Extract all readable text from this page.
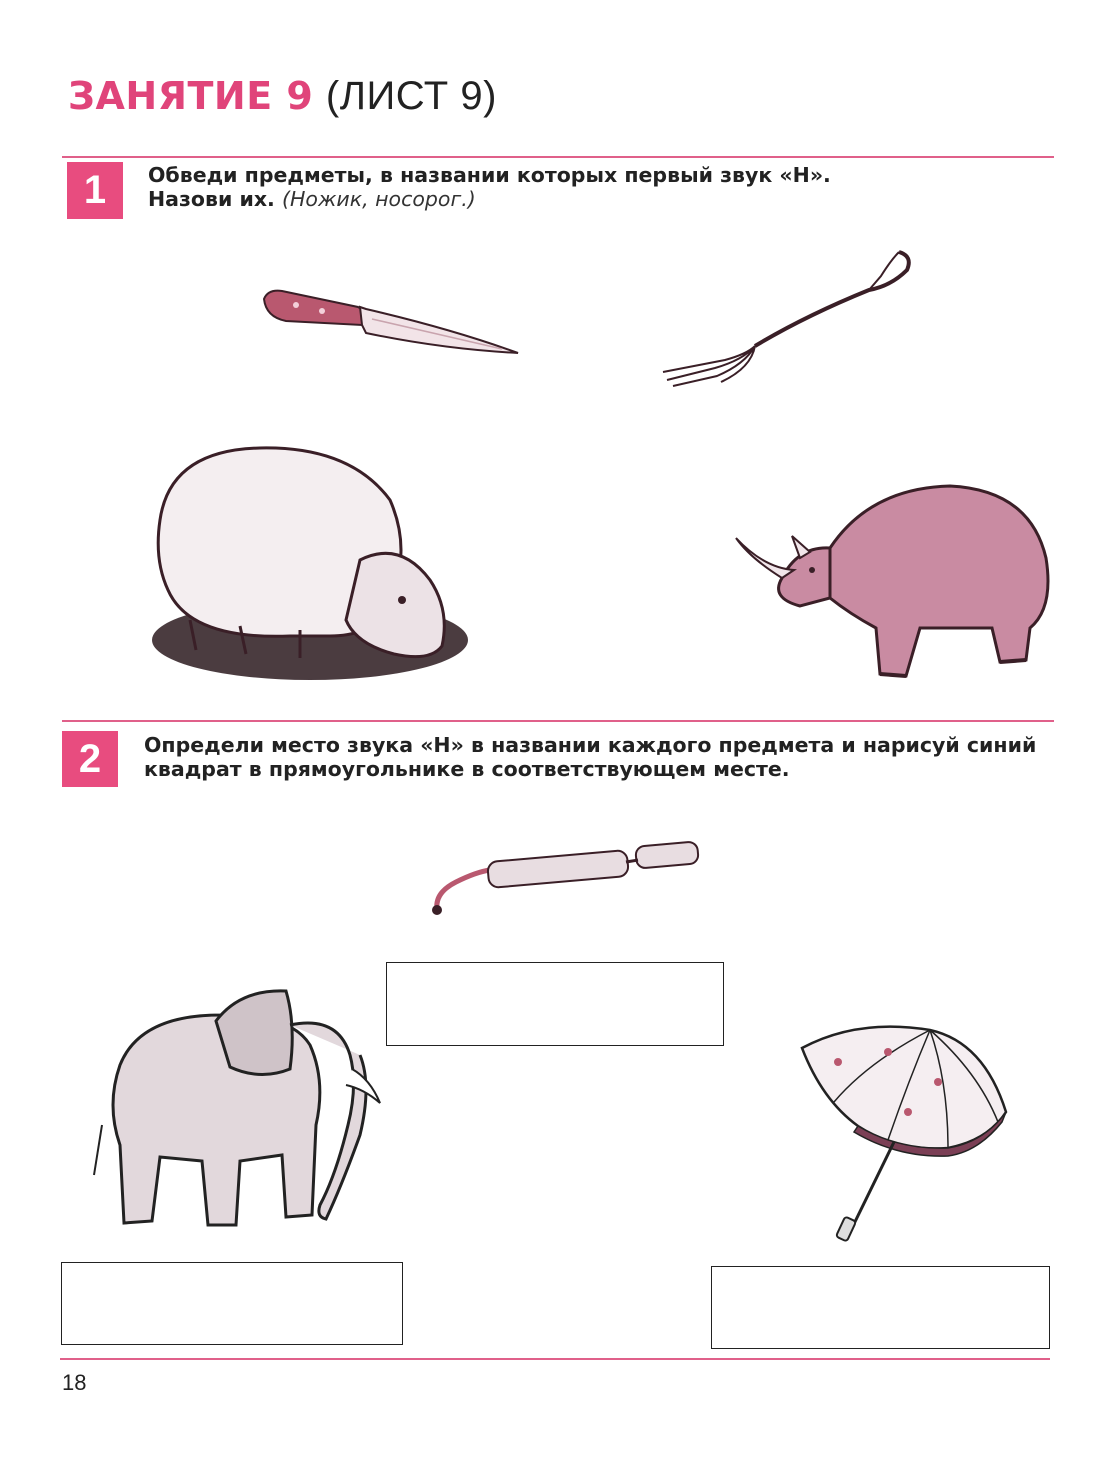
ЗАНЯТИЕ 9 (ЛИСТ 9)
1	Обведи предметы, в названии которых первый звук «Н».
Назови их. (Ножик, носорог.)
2	Определи место звука «Н» в названии каждого предмета и нарисуй синий
квадрат в прямоугольнике в соответствующем месте.
18
